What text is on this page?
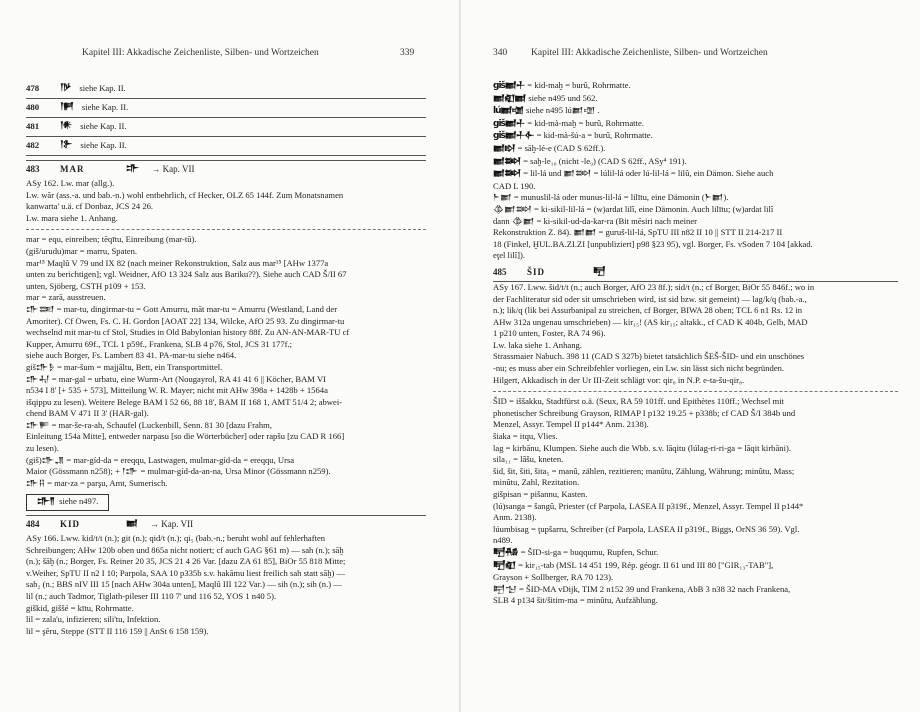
Kapitel III: Akkadische Zeichenliste, Silben- und Wortzeichen	339
478	𒁹𒃻 siehe Kap. II.
480	𒁹𒂍 siehe Kap. II.
481	𒁹𒀭 siehe Kap. II.
482	𒁹𒉿 siehe Kap. II.
483	MAR	𒈥 → Kap. VII
ASy 162. Lw. mar (allg.).
Lw. wār (ass.-a. und bab.-n.) wohl entbehrlich, cf Hecker, OLZ 65 144f. Zum Monatsnamen
kanwarta' u.ä. cf Donbaz, JCS 24 26.
Lw. mara siehe 1. Anhang.
mar = equ, einreiben; tēqītu, Einreibung (mar-tū).
(giš/urudu)mar = marru, Spaten.
mar¹⁵ Maqlû V 79 und IX 82 (nach meiner Rekonstruktion, Salz aus mar¹⁵ [AHw 1377a
unten zu berichtigen]; vgl. Weidner, AfO 13 324 Salz aus Bariku??). Siehe auch CAD Š/II 67
unten, Sjöberg, CSTH p109 + 153.
mar = zarā, ausstreuen.
𒈥𒌅 = mar-tu, dingirmar-tu = Gott Amurru, māt mar-tu = Amurru (Westland, Land der
Amoriter). Cf Owen, Fs. C. H. Gordon [AOAT 22] 134, Wilcke, AfO 25 93. Zu dingirmar-tu
wechselnd mit mar-tu cf Stol, Studies in Old Babylonian history 88f. Zu AN-AN-MAR-TU cf
Kupper, Amurru 69f., TCL 1 p59f., Frankena, SLB 4 p76, Stol, JCS 31 177f.;
siehe auch Borger, Fs. Lambert 83 41. PA-mar-tu siehe n464.
giš𒈥𒊩 = mar-šum = majjāltu, Bett, ein Transportmittel.
𒈥𒄷 = mar-gal = urbatu, eine Wurm-Art (Nougayrol, RA 41 41 6 || Köcher, BAM VI
n534 I 8' [+ 535 + 573], Mitteilung W. R. Mayer; nicht mit AHw 398a + 1428b + 1564a
išqippu zu lesen). Weitere Belege BAM I 52 66, 88 18', BAM II 168 1, AMT 51/4 2; abwei-
chend BAM V 471 II 3' (HAR-gal).
𒈥𒊓 = mar-še-ra-ah, Schaufel (Luckenbill, Senn. 81 30 [dazu Frahm,
Einleitung 154a Mitte], entweder narpasu [so die Wörterbücher] oder rapšu [zu CAD R 166]
zu lesen).
(giš)𒈥𒂗 = mar-gíd-da = ereqqu, Lastwagen, mulmar-gíd-da = ereqqu, Ursa
Maior (Gössmann n258); + 𒁹𒈥 = mulmar-gíd-da-an-na, Ursa Minor (Gössmann n259).
𒈥𒍝 = mar-za = parşu, Amt, Sumerisch.
𒈥𒈫 siehe n497.
484	KID	𒆤 → Kap. VII
ASy 166. Lww. kid/t/t (n.); git (n.); qid/t (n.); qi₅ (bab.-n.; beruht wohl auf fehlerhaften
Schreibungen; AHw 120b oben und 865a nicht notiert; cf auch GAG §61 m) — sah (n.); sāḫ
(n.); šāḫ (n.; Borger, Fs. Reiner 20 35, JCS 21 4 26 Var. [dazu ZA 61 85], BiOr 55 818 Mitte;
v.Weiher, SpTU II n2 I 10; Parpola, SAA 10 p335b s.v. hakāmu liest freilich sah statt sāḫ) —
sah₂ (n.; BBS nIV III 15 [nach AHw 304a unten], Maqlû III 122 Var.) — sih (n.); sih (n.) —
lil (n.; auch Tadmor, Tiglath-pileser III 110 7' und 116 52, YOS 1 n40 5).
giškid, giššé = kītu, Rohrmatte.
lil = zala'u, infizieren; sili'tu, Infektion.
lil = şēru, Steppe (STT II 116 159 || AnSt 6 158 159).
340	Kapitel III: Akkadische Zeichenliste, Silben- und Wortzeichen
giš𒆤𒈦 = kid-maḫ = burû, Rohrmatte.
𒆤𒊏𒆤 siehe n495 und 562.
lú𒆤𒌝 siehe n495 lú𒆤𒌝 .
giš𒆤𒈦 = kid-mà-maḫ = burû, Rohrmatte.
giš𒆤𒈦𒅆 = kid-mà-šú-a = burû, Rohrmatte.
𒆤𒊭 = sāḫ-lé-e (CAD S 62ff.).
𒆤𒇷 = saḫ-le₁₀ (nicht -le₉) (CAD S 62ff., ASy⁴ 191).
𒆤𒇷 = lil-lá und 𒆤𒇷 = lúlil-lá oder lú-lil-lá = lilû, ein Dämon. Siehe auch
CAD L 190.
𒈨𒆤 = munuslil-lá oder munus-lil-lá = lilītu, eine Dämonin (𒈨𒆤).
𒆠𒆤𒇷 = ki-sikil-lil-lá = (w)ardat lilî, eine Dämonin. Auch lilītu; (w)ardat lilî
dann 𒆠𒆤 = ki-sikil-ud-da-kar-ra (Bit mēsiri nach meiner
Rekonstruktion Z. 84). 𒆤𒆤 = guruš-lil-lá, SpTU III n82 II 10 || STT II 214-217 II
18 (Finkel, ḪUL.BA.ZI.ZI [unpubliziert] p98 §23 95), vgl. Borger, Fs. vSoden 7 104 [akkad.
eţel lilî]).
485	ŠID	𒋃
ASy 167. Lww. šid/t/t (n.; auch Borger, AfO 23 8f.); sid/t (n.; cf Borger, BiOr 55 846f.; wo in
der Fachliteratur sid oder sit umschrieben wird, ist sid bzw. sit gemeint) — lag/k/q (bab.-a.,
n.); lik/q (lik bei Assurbanipal zu streichen, cf Borger, BIWA 28 oben; TCL 6 n1 Rs. 12 in
AHw 312a ungenau umschrieben) — kir₁₅! (AS kir₁₅; altakk., cf CAD K 404b, Gelb, MAD
1 p210 unten, Foster, RA 74 96).
Lw. laka siehe 1. Anhang.
Strassmaier Nabuch. 398 11 (CAD S 327b) bietet tatsächlich ŠEŠ-ŠID- und ein unschönes
-nu; es muss aber ein Schreibfehler vorliegen, ein Lw. sin lässt sich nicht begründen.
Hilgert, Akkadisch in der Ur III-Zeit schlägt vor: qir₈ in N.P. e-ta-šu-qir₈.
ŠID = iššakku, Stadtfürst o.ä. (Seux, RA 59 101ff. und Epithètes 110ff.; Wechsel mit
phonetischer Schreibung Grayson, RIMAP I p132 19.25 + p338b; cf CAD Š/I 384b und
Menzel, Assyr. Tempel II p144* Anm. 2138).
šiaka = itqu, Vlies.
lag = kirbānu, Klumpen. Siehe auch die Wbb. s.v. lāqitu (lúlag-ri-ri-ga = lāqit kirbāni).
sila₁₁ = lâšu, kneten.
šid, šit, šiti, šita₅ = manû, zählen, rezitieren; manûtu, Zählung, Währung; minûtu, Mass;
minûtu, Zahl, Rezitation.
gišpisan = pišannu, Kasten.
(lú)sanga = šangû, Priester (cf Parpola, LASEA II p319f., Menzel, Assyr. Tempel II p144*
Anm. 2138).
lúumbisag = ţupšarru, Schreiber (cf Parpola, LASEA II p319f., Biggs, OrNS 36 59). Vgl.
n489.
𒋃𒄀 = ŠID-si-ga = buqqumu, Rupfen, Schur.
𒋃𒊏 = kir₁₅-tab (MSL 14 451 199, Rép. géogr. II 61 und III 80 ["GIR₁₃-TAB"],
Grayson + Sollberger, RA 70 123).
𒋃𒈠 = ŠID-MA vDijk, TIM 2 n152 39 und Frankena, AbB 3 n38 32 nach Frankena,
SLB 4 p134 šit/šitim-ma = minûtu, Aufzählung.
